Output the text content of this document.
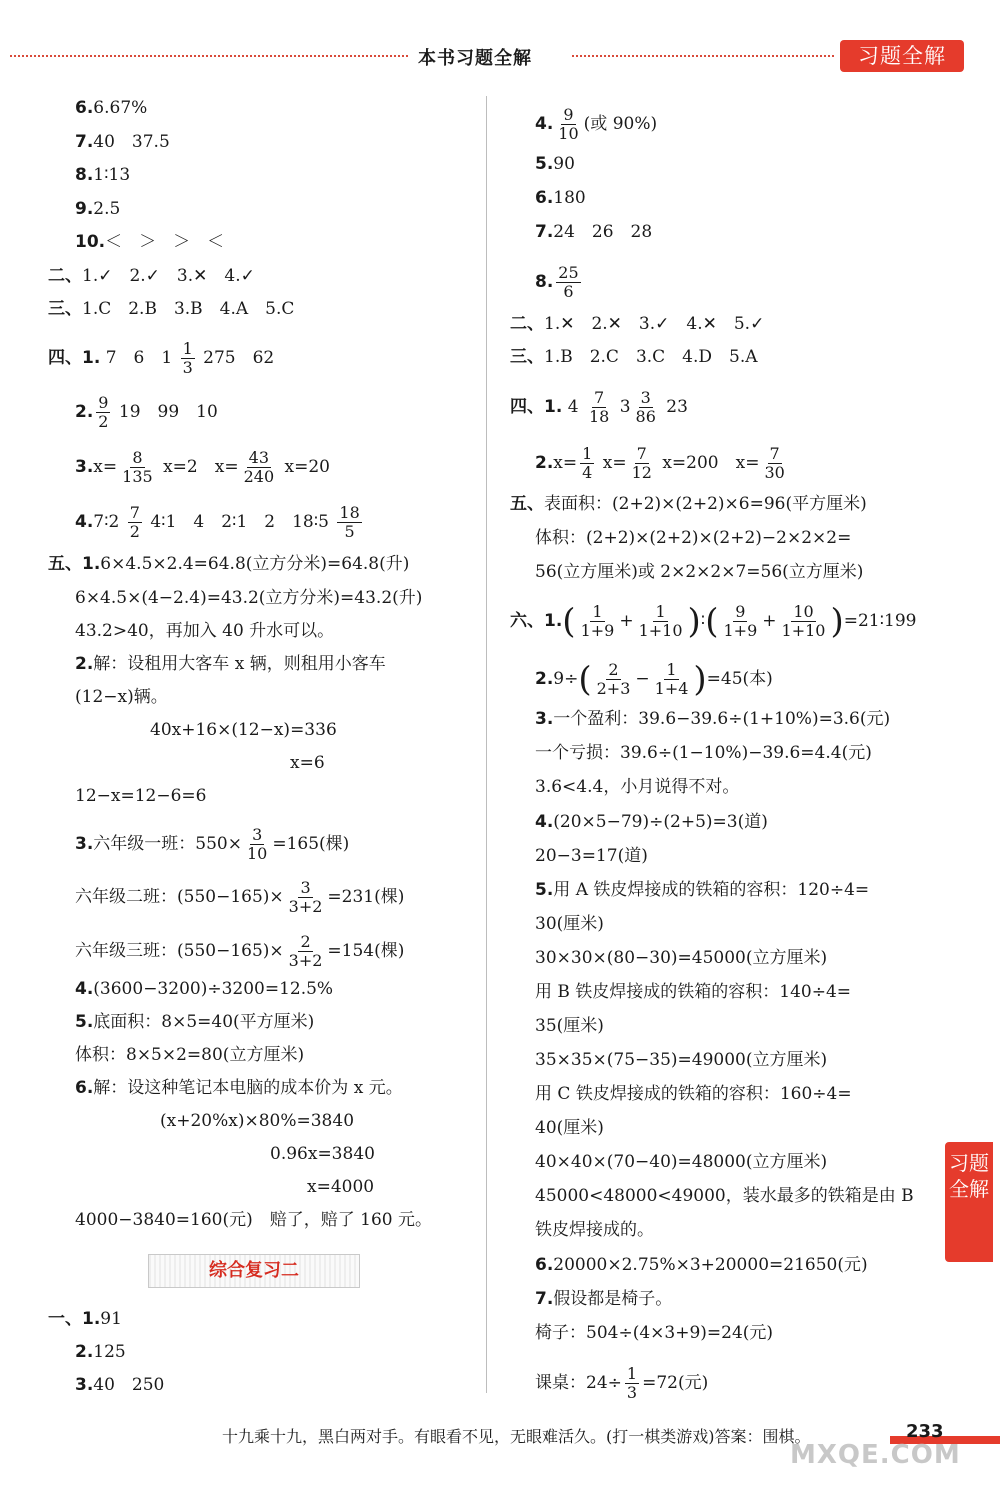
本书习题全解	习题全解
6.6.67%
7.40　37.5
8.1∶13
9.2.5
10.＜　＞　＞　＜
二、1.✓　2.✓　3.✕　4.✓
三、1.C　2.B　3.B　4.A　5.C
四、1. 7　6　$1 \frac{1}{3} 275$　62
2. $\frac{9}{2} 19$　99　10
$3.x= \frac{8}{135} x=2$　$x= \frac{43}{240} x=20$
4.7∶2 $\frac{7}{2}$ 4∶1　4　2∶1　2　18∶5 $\frac{18}{5}$
五、1.6×4.5×2.4=64.8(立方分米)=64.8(升)
6×4.5×(4−2.4)=43.2(立方分米)=43.2(升)
43.2>40，再加入 40 升水可以。
2.解：设租用大客车 x 辆，则租用小客车
(12−x)辆。
40x+16×(12−x)=336
x=6
12−x=12−6=6
3.六年级一班：$550\times \frac{3}{10} =165$(棵)
六年级二班：$(550-165)\times \frac{3}{3+2} =231$(棵)
六年级三班：$(550-165)\times \frac{2}{3+2} =154$(棵)
4.(3600−3200)÷3200=12.5%
5.底面积：8×5=40(平方厘米)
体积：8×5×2=80(立方厘米)
6.解：设这种笔记本电脑的成本价为 x 元。
(x+20%x)×80%=3840
0.96x=3840
x=4000
4000−3840=160(元)　赔了，赔了 160 元。
综合复习二
一、1.91
2.125
3.40　250
4. $\frac{9}{10}$ (或 90%)
5.90
6.180
7.24　26　28
8. $\frac{25}{6}$
二、1.✕　2.✕　3.✓　4.✕　5.✓
三、1.B　2.C　3.C　4.D　5.A
四、1. $4 \frac{7}{18} 3 \frac{3}{86} 23$
$2.x= \frac{1}{4} x= \frac{7}{12} x=200$　$x= \frac{7}{30}$
五、表面积：(2+2)×(2+2)×6=96(平方厘米)
体积：(2+2)×(2+2)×(2+2)−2×2×2=
56(立方厘米)或 2×2×2×7=56(立方厘米)
六、$1.( \frac{1}{1+9} + \frac{1}{1+10}$ )∶( $\frac{9}{1+9} + \frac{10}{1+10}$ )=21∶199
$2.9\div( \frac{2}{2+3} - \frac{1}{1+4} )=45$(本)
3.一个盈利：39.6−39.6÷(1+10%)=3.6(元)
一个亏损：39.6÷(1−10%)−39.6=4.4(元)
3.6<4.4，小月说得不对。
4.(20×5−79)÷(2+5)=3(道)
20−3=17(道)
5.用 A 铁皮焊接成的铁箱的容积：120÷4=
30(厘米)
30×30×(80−30)=45000(立方厘米)
用 B 铁皮焊接成的铁箱的容积：140÷4=
35(厘米)
35×35×(75−35)=49000(立方厘米)
用 C 铁皮焊接成的铁箱的容积：160÷4=
40(厘米)
40×40×(70−40)=48000(立方厘米)
45000<48000<49000，装水最多的铁箱是由 B
铁皮焊接成的。
6.20000×2.75%×3+20000=21650(元)
7.假设都是椅子。
椅子：504÷(4×3+9)=24(元)
课桌：$24\div \frac{1}{3} =72$(元)
习题全解
十九乘十九，黑白两对手。有眼看不见，无眼难活久。(打一棋类游戏)答案：围棋。	233
MXQE.COM
